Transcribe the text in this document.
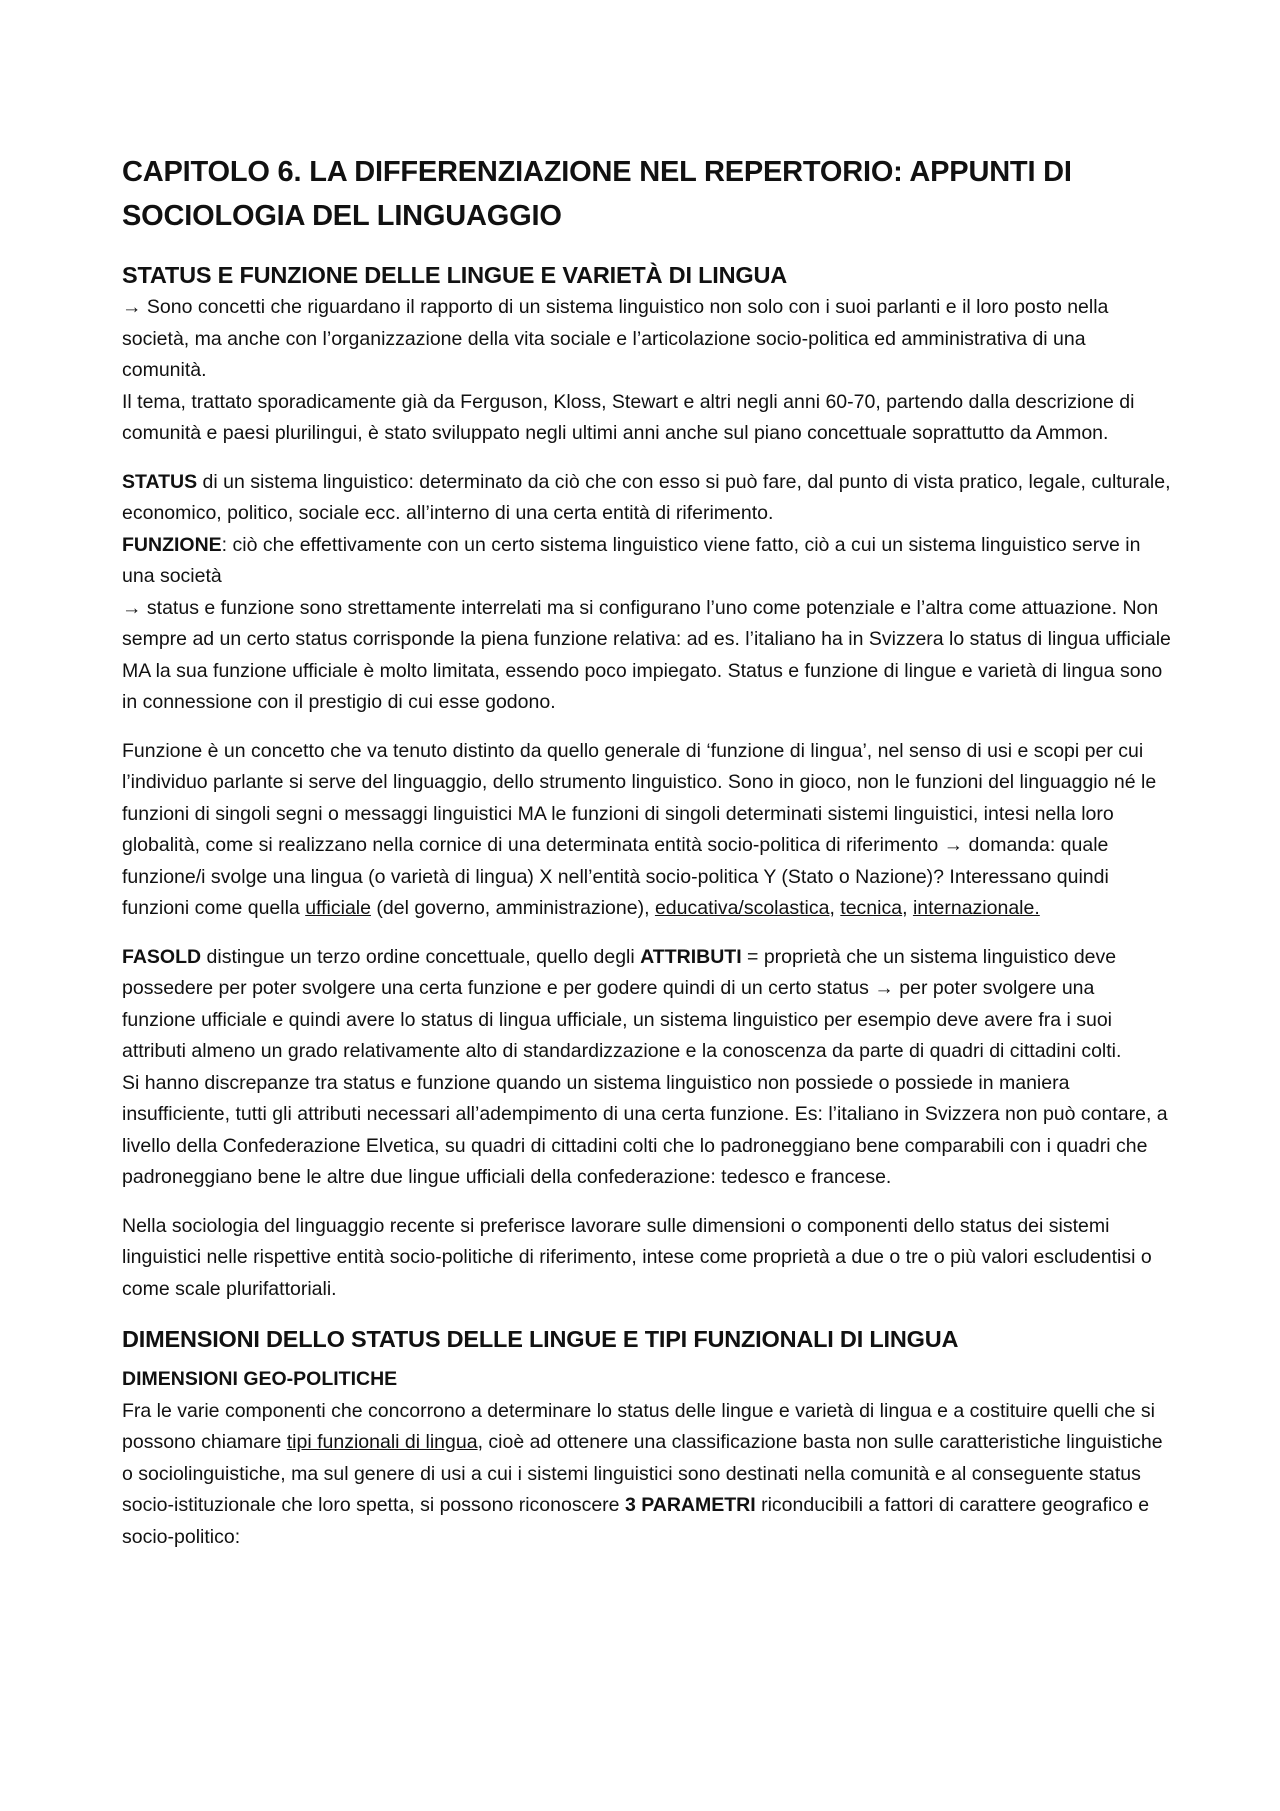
CAPITOLO 6. LA DIFFERENZIAZIONE NEL REPERTORIO: APPUNTI DI SOCIOLOGIA DEL LINGUAGGIO
STATUS E FUNZIONE DELLE LINGUE E VARIETÀ DI LINGUA

→ Sono concetti che riguardano il rapporto di un sistema linguistico non solo con i suoi parlanti e il loro posto nella società, ma anche con l’organizzazione della vita sociale e l’articolazione socio-politica ed amministrativa di una comunità.
Il tema, trattato sporadicamente già da Ferguson, Kloss, Stewart e altri negli anni 60-70, partendo dalla descrizione di comunità e paesi plurilingui, è stato sviluppato negli ultimi anni anche sul piano concettuale soprattutto da Ammon.

STATUS di un sistema linguistico: determinato da ciò che con esso si può fare, dal punto di vista pratico, legale, culturale, economico, politico, sociale ecc. all’interno di una certa entità di riferimento.
FUNZIONE: ciò che effettivamente con un certo sistema linguistico viene fatto, ciò a cui un sistema linguistico serve in una società
→ status e funzione sono strettamente interrelati ma si configurano l’uno come potenziale e l’altra come attuazione. Non sempre ad un certo status corrisponde la piena funzione relativa: ad es. l’italiano ha in Svizzera lo status di lingua ufficiale MA la sua funzione ufficiale è molto limitata, essendo poco impiegato. Status e funzione di lingue e varietà di lingua sono in connessione con il prestigio di cui esse godono.

Funzione è un concetto che va tenuto distinto da quello generale di ‘funzione di lingua’, nel senso di usi e scopi per cui l’individuo parlante si serve del linguaggio, dello strumento linguistico. Sono in gioco, non le funzioni del linguaggio né le funzioni di singoli segni o messaggi linguistici MA le funzioni di singoli determinati sistemi linguistici, intesi nella loro globalità, come si realizzano nella cornice di una determinata entità socio-politica di riferimento → domanda: quale funzione/i svolge una lingua (o varietà di lingua) X nell’entità socio-politica Y (Stato o Nazione)? Interessano quindi funzioni come quella ufficiale (del governo, amministrazione), educativa/scolastica, tecnica, internazionale.

FASOLD distingue un terzo ordine concettuale, quello degli ATTRIBUTI = proprietà che un sistema linguistico deve possedere per poter svolgere una certa funzione e per godere quindi di un certo status → per poter svolgere una funzione ufficiale e quindi avere lo status di lingua ufficiale, un sistema linguistico per esempio deve avere fra i suoi attributi almeno un grado relativamente alto di standardizzazione e la conoscenza da parte di quadri di cittadini colti.
Si hanno discrepanze tra status e funzione quando un sistema linguistico non possiede o possiede in maniera insufficiente, tutti gli attributi necessari all’adempimento di una certa funzione. Es: l’italiano in Svizzera non può contare, a livello della Confederazione Elvetica, su quadri di cittadini colti che lo padroneggiano bene comparabili con i quadri che padroneggiano bene le altre due lingue ufficiali della confederazione: tedesco e francese.

Nella sociologia del linguaggio recente si preferisce lavorare sulle dimensioni o componenti dello status dei sistemi linguistici nelle rispettive entità socio-politiche di riferimento, intese come proprietà a due o tre o più valori escludentisi o come scale plurifattoriali.

DIMENSIONI DELLO STATUS DELLE LINGUE E TIPI FUNZIONALI DI LINGUA
DIMENSIONI GEO-POLITICHE

Fra le varie componenti che concorrono a determinare lo status delle lingue e varietà di lingua e a costituire quelli che si possono chiamare tipi funzionali di lingua, cioè ad ottenere una classificazione basta non sulle caratteristiche linguistiche o sociolinguistiche, ma sul genere di usi a cui i sistemi linguistici sono destinati nella comunità e al conseguente status socio-istituzionale che loro spetta, si possono riconoscere 3 PARAMETRI riconducibili a fattori di carattere geografico e socio-politico:
